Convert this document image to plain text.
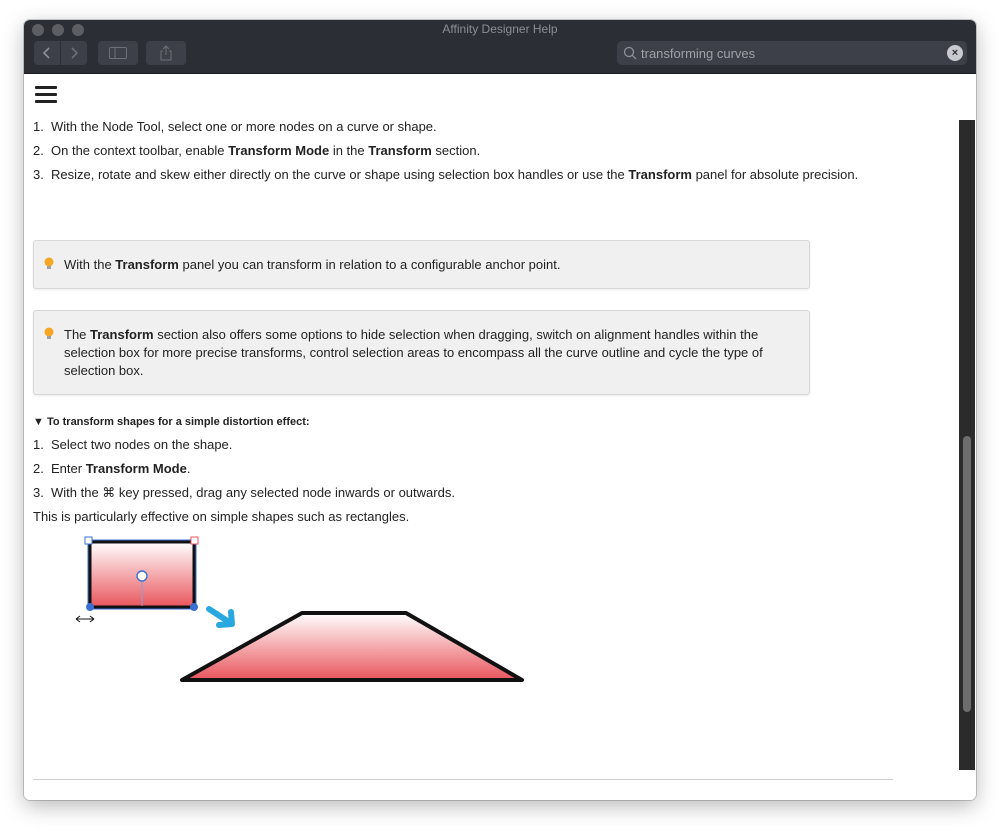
Affinity Designer Help
transforming curves
×
1. With the Node Tool, select one or more nodes on a curve or shape.
2. On the context toolbar, enable Transform Mode in the Transform section.
3. Resize, rotate and skew either directly on the curve or shape using selection box handles or use the Transform panel for absolute precision.
With the Transform panel you can transform in relation to a configurable anchor point.
The Transform section also offers some options to hide selection when dragging, switch on alignment handles within the selection box for more precise transforms, control selection areas to encompass all the curve outline and cycle the type of selection box.
▼ To transform shapes for a simple distortion effect:
1. Select two nodes on the shape.
2. Enter Transform Mode.
3. With the ⌘ key pressed, drag any selected node inwards or outwards.
This is particularly effective on simple shapes such as rectangles.
